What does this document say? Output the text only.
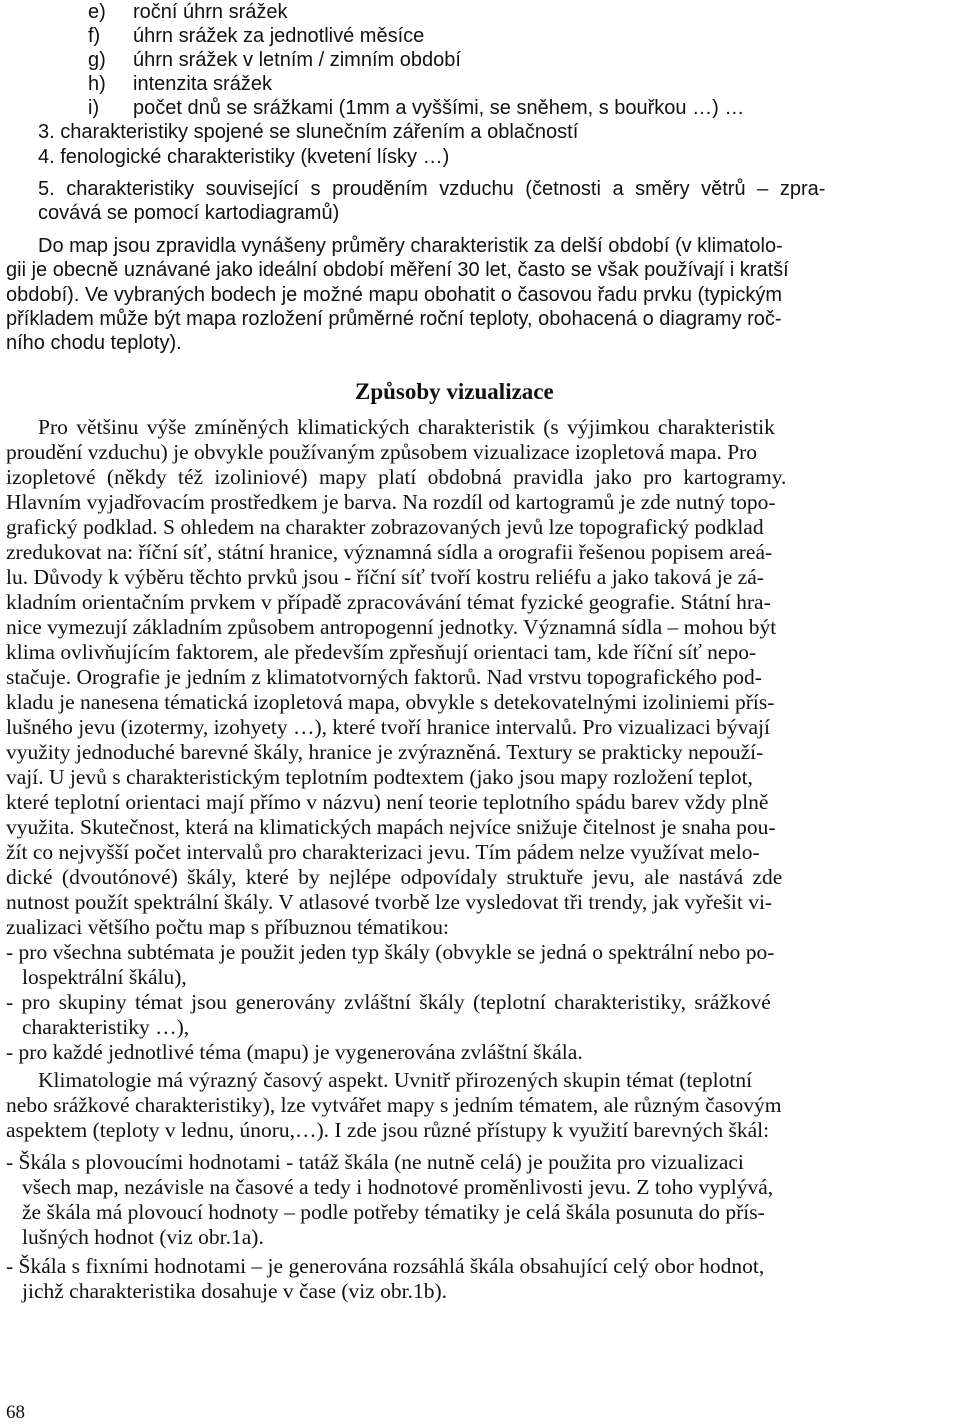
e) roční úhrn srážek
f) úhrn srážek za jednotlivé měsíce
g) úhrn srážek v letním / zimním období
h) intenzita srážek
i) počet dnů se srážkami (1mm a vyššími, se sněhem, s bouřkou …) …
3. charakteristiky spojené se slunečním zářením a oblačností
4. fenologické charakteristiky (kvetení lísky …)
5. charakteristiky související s prouděním vzduchu (četnosti a směry větrů – zpra-
covává se pomocí kartodiagramů)
Do map jsou zpravidla vynášeny průměry charakteristik za delší období (v klimatolo-
gii je obecně uznávané jako ideální období měření 30 let, často se však používají i kratší
období). Ve vybraných bodech je možné mapu obohatit o časovou řadu prvku (typickým
příkladem může být mapa rozložení průměrné roční teploty, obohacená o diagramy roč-
ního chodu teploty).
Způsoby vizualizace
Pro většinu výše zmíněných klimatických charakteristik (s výjimkou charakteristik
proudění vzduchu) je obvykle používaným způsobem vizualizace izopletová mapa. Pro
izopletové (někdy též izoliniové) mapy platí obdobná pravidla jako pro kartogramy.
Hlavním vyjadřovacím prostředkem je barva. Na rozdíl od kartogramů je zde nutný topo-
grafický podklad. S ohledem na charakter zobrazovaných jevů lze topografický podklad
zredukovat na: říční síť, státní hranice, významná sídla a orografii řešenou popisem areá-
lu. Důvody k výběru těchto prvků jsou - říční síť tvoří kostru reliéfu a jako taková je zá-
kladním orientačním prvkem v případě zpracovávání témat fyzické geografie. Státní hra-
nice vymezují základním způsobem antropogenní jednotky. Významná sídla – mohou být
klima ovlivňujícím faktorem, ale především zpřesňují orientaci tam, kde říční síť nepo-
stačuje. Orografie je jedním z klimatotvorných faktorů. Nad vrstvu topografického pod-
kladu je nanesena tématická izopletová mapa, obvykle s detekovatelnými izoliniemi přís-
lušného jevu (izotermy, izohyety …), které tvoří hranice intervalů. Pro vizualizaci bývají
využity jednoduché barevné škály, hranice je zvýrazněná. Textury se prakticky nepouží-
vají. U jevů s charakteristickým teplotním podtextem (jako jsou mapy rozložení teplot,
které teplotní orientaci mají přímo v názvu) není teorie teplotního spádu barev vždy plně
využita. Skutečnost, která na klimatických mapách nejvíce snižuje čitelnost je snaha pou-
žít co nejvyšší počet intervalů pro charakterizaci jevu. Tím pádem nelze využívat melo-
dické (dvoutónové) škály, které by nejlépe odpovídaly struktuře jevu, ale nastává zde
nutnost použít spektrální škály. V atlasové tvorbě lze vysledovat tři trendy, jak vyřešit vi-
zualizaci většího počtu map s příbuznou tématikou:
- pro všechna subtémata je použit jeden typ škály (obvykle se jedná o spektrální nebo po-
lospektrální škálu),
- pro skupiny témat jsou generovány zvláštní škály (teplotní charakteristiky, srážkové
charakteristiky …),
- pro každé jednotlivé téma (mapu) je vygenerována zvláštní škála.
Klimatologie má výrazný časový aspekt. Uvnitř přirozených skupin témat (teplotní
nebo srážkové charakteristiky), lze vytvářet mapy s jedním tématem, ale různým časovým
aspektem (teploty v lednu, únoru,…). I zde jsou různé přístupy k využití barevných škál:
- Škála s plovoucími hodnotami - tatáž škála (ne nutně celá) je použita pro vizualizaci
všech map, nezávisle na časové a tedy i hodnotové proměnlivosti jevu. Z toho vyplývá,
že škála má plovoucí hodnoty – podle potřeby tématiky je celá škála posunuta do přís-
lušných hodnot (viz obr.1a).
- Škála s fixními hodnotami – je generována rozsáhlá škála obsahující celý obor hodnot,
jichž charakteristika dosahuje v čase (viz obr.1b).
68
